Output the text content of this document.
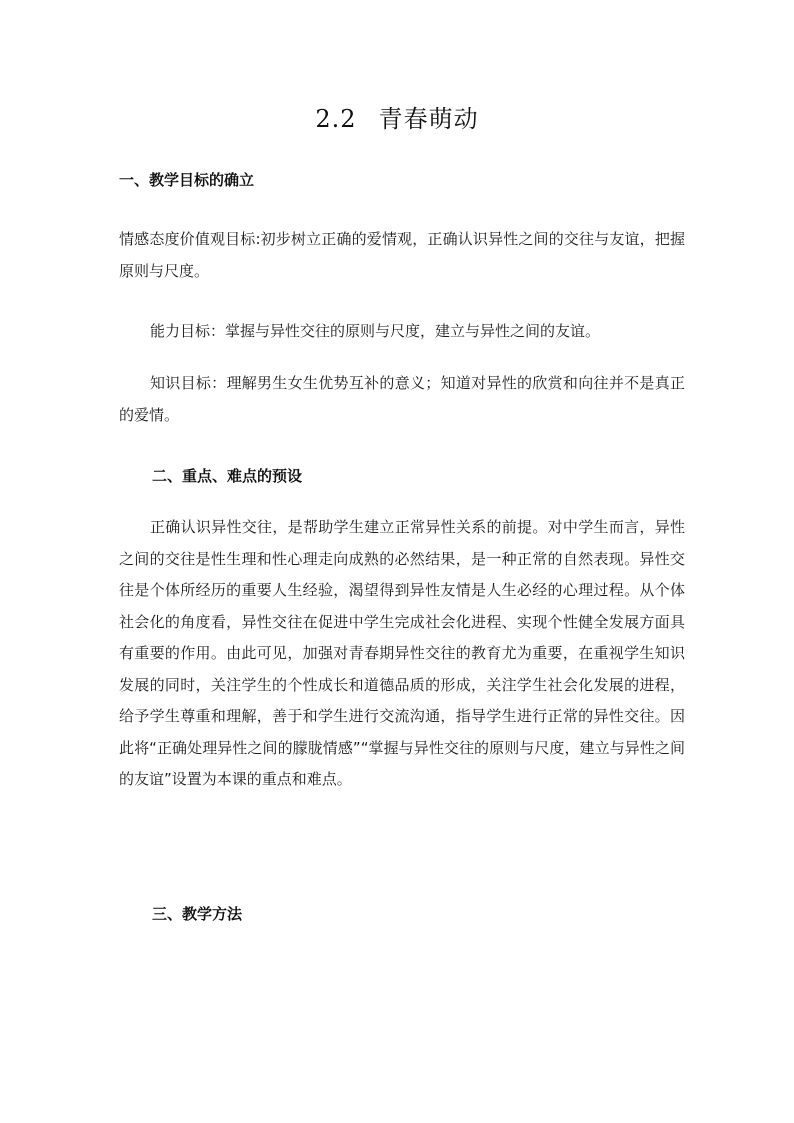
2.2 青春萌动
一、教学目标的确立

情感态度价值观目标:初步树立正确的爱情观，正确认识异性之间的交往与友谊，把握原则与尺度。

能力目标：掌握与异性交往的原则与尺度，建立与异性之间的友谊。

知识目标：理解男生女生优势互补的意义；知道对异性的欣赏和向往并不是真正的爱情。

二、重点、难点的预设

正确认识异性交往，是帮助学生建立正常异性关系的前提。对中学生而言，异性之间的交往是性生理和性心理走向成熟的必然结果，是一种正常的自然表现。异性交往是个体所经历的重要人生经验，渴望得到异性友情是人生必经的心理过程。从个体社会化的角度看，异性交往在促进中学生完成社会化进程、实现个性健全发展方面具有重要的作用。由此可见，加强对青春期异性交往的教育尤为重要，在重视学生知识发展的同时，关注学生的个性成长和道德品质的形成，关注学生社会化发展的进程，给予学生尊重和理解，善于和学生进行交流沟通，指导学生进行正常的异性交往。因此将“正确处理异性之间的朦胧情感”“掌握与异性交往的原则与尺度，建立与异性之间的友谊”设置为本课的重点和难点。

三、教学方法
